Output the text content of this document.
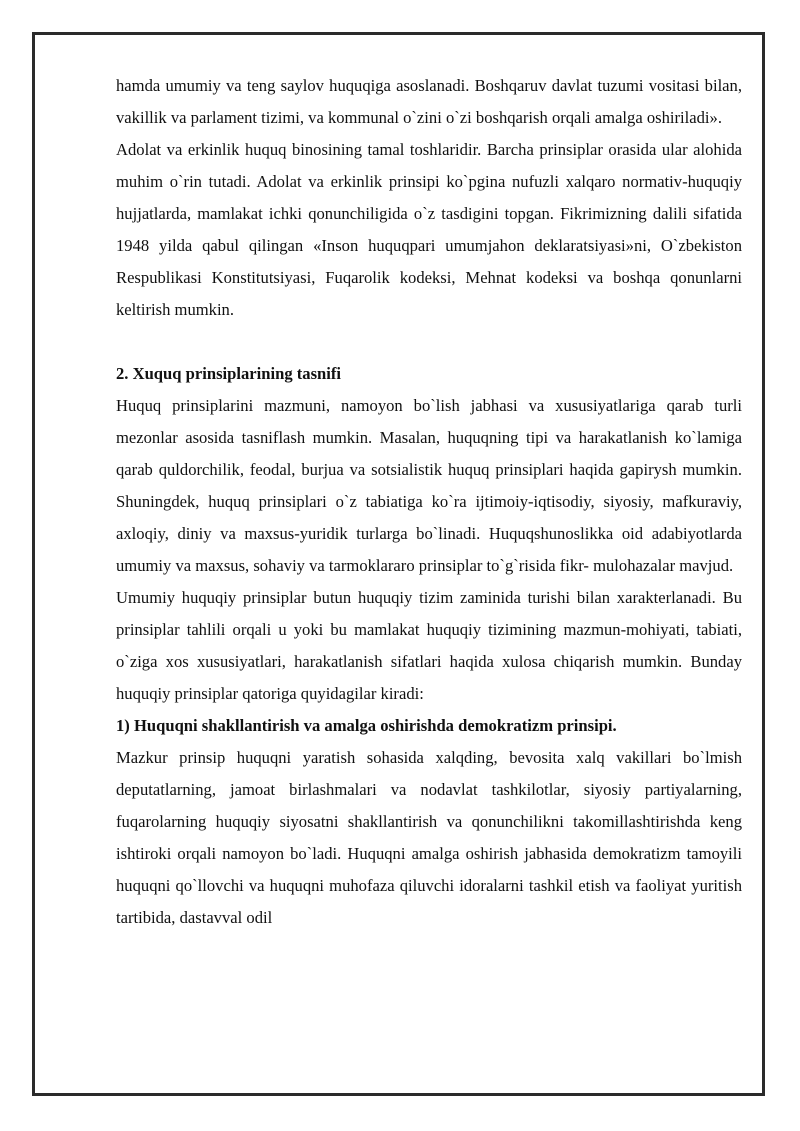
hamda umumiy va teng saylov huquqiga asoslanadi. Boshqaruv davlat tuzumi vositasi bilan, vakillik va parlament tizimi, va kommunal o`zini o`zi boshqarish orqali amalga oshiriladi».

Adolat va erkinlik huquq binosining tamal toshlaridir. Barcha prinsiplar orasida ular alohida muhim o`rin tutadi. Adolat va erkinlik prinsipi ko`pgina nufuzli xalqaro normativ-huquqiy hujjatlarda, mamlakat ichki qonunchiligida o`z tasdigini topgan. Fikrimizning dalili sifatida 1948 yilda qabul qilingan «Inson huquqpari umumjahon deklaratsiyasi»ni, O`zbekiston Respublikasi Konstitutsiyasi, Fuqarolik kodeksi, Mehnat kodeksi va boshqa qonunlarni keltirish mumkin.

2. Xuquq prinsiplarining tasnifi

Huquq prinsiplarini mazmuni, namoyon bo`lish jabhasi va xususiyatlariga qarab turli mezonlar asosida tasniflash mumkin. Masalan, huquqning tipi va harakatlanish ko`lamiga qarab quldorchilik, feodal, burjua va sotsialistik huquq prinsiplari haqida gapirysh mumkin. Shuningdek, huquq prinsiplari o`z tabiatiga ko`ra ijtimoiy-iqtisodiy, siyosiy, mafkuraviy, axloqiy, diniy va maxsus-yuridik turlarga bo`linadi. Huquqshunoslikka oid adabiyotlarda umumiy va maxsus, sohaviy va tarmoklararo prinsiplar to`g`risida fikr- mulohazalar mavjud.

Umumiy huquqiy prinsiplar butun huquqiy tizim zaminida turishi bilan xarakterlanadi. Bu prinsiplar tahlili orqali u yoki bu mamlakat huquqiy tizimining mazmun-mohiyati, tabiati, o`ziga xos xususiyatlari, harakatlanish sifatlari haqida xulosa chiqarish mumkin. Bunday huquqiy prinsiplar qatoriga quyidagilar kiradi:

1) Huquqni shakllantirish va amalga oshirishda demokratizm prinsipi.

Mazkur prinsip huquqni yaratish sohasida xalqding, bevosita xalq vakillari bo`lmish deputatlarning, jamoat birlashmalari va nodavlat tashkilotlar, siyosiy partiyalarning, fuqarolarning huquqiy siyosatni shakllantirish va qonunchilikni takomillashtirishda keng ishtiroki orqali namoyon bo`ladi. Huquqni amalga oshirish jabhasida demokratizm tamoyili huquqni qo`llovchi va huquqni muhofaza qiluvchi idoralarni tashkil etish va faoliyat yuritish tartibida, dastavval odil
